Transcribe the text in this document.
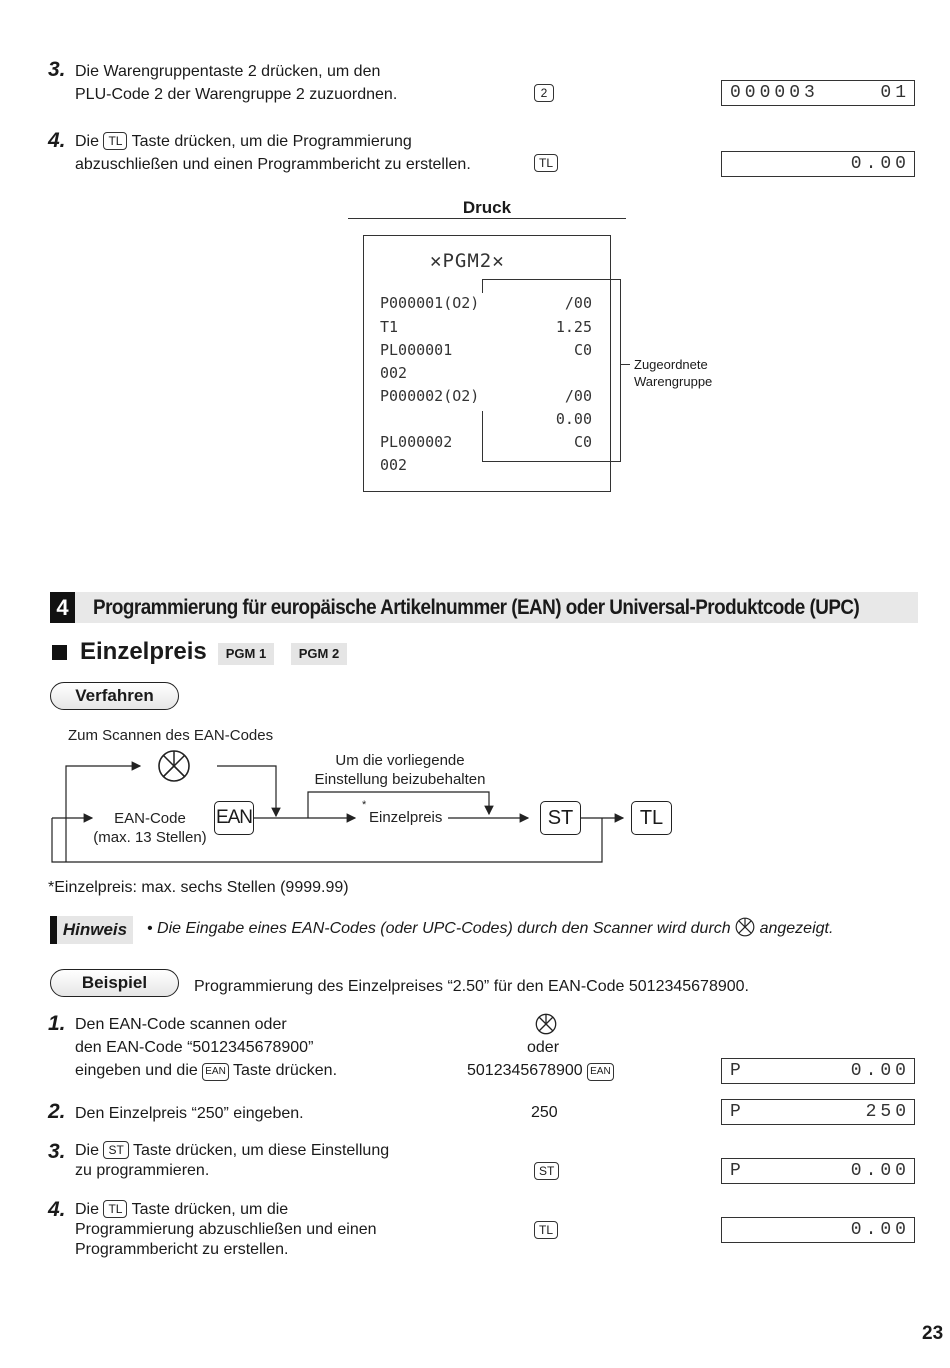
3. Die Warengruppentaste 2 drücken, um den
PLU-Code 2 der Warengruppe 2 zuzuordnen.	2	000003	01
4. Die TL Taste drücken, um die Programmierung
abzuschließen und einen Programmbericht zu erstellen.	TL	0.00
Druck
✕PGM2✕
P000001(O2)	/00
T1	1.25
PL000001	C0
002
P000002(O2)	/00
0.00
PL000002	C0
002
Zugeordnete
Warengruppe
4	Programmierung für europäische Artikelnummer (EAN) oder Universal-Produktcode (UPC)
Einzelpreis	PGM 1	PGM 2
Verfahren
Zum Scannen des EAN-Codes
Um die vorliegende
Einstellung beizubehalten
EAN-Code
(max. 13 Stellen)
EAN
*
Einzelpreis	ST	TL
*Einzelpreis: max. sechs Stellen (9999.99)
Hinweis	• Die Eingabe eines EAN-Codes (oder UPC-Codes) durch den Scanner wird durch angezeigt.
Beispiel	Programmierung des Einzelpreises “2.50” für den EAN-Code 5012345678900.
1. Den EAN-Code scannen oder
den EAN-Code “5012345678900”
eingeben und die EAN Taste drücken.
oder
5012345678900 EAN	P	0.00
2. Den Einzelpreis “250” eingeben.	250	P	250
3. Die ST Taste drücken, um diese Einstellung
zu programmieren.	ST	P	0.00
4. Die TL Taste drücken, um die
Programmierung abzuschließen und einen
Programmbericht zu erstellen.
TL	0.00
23
